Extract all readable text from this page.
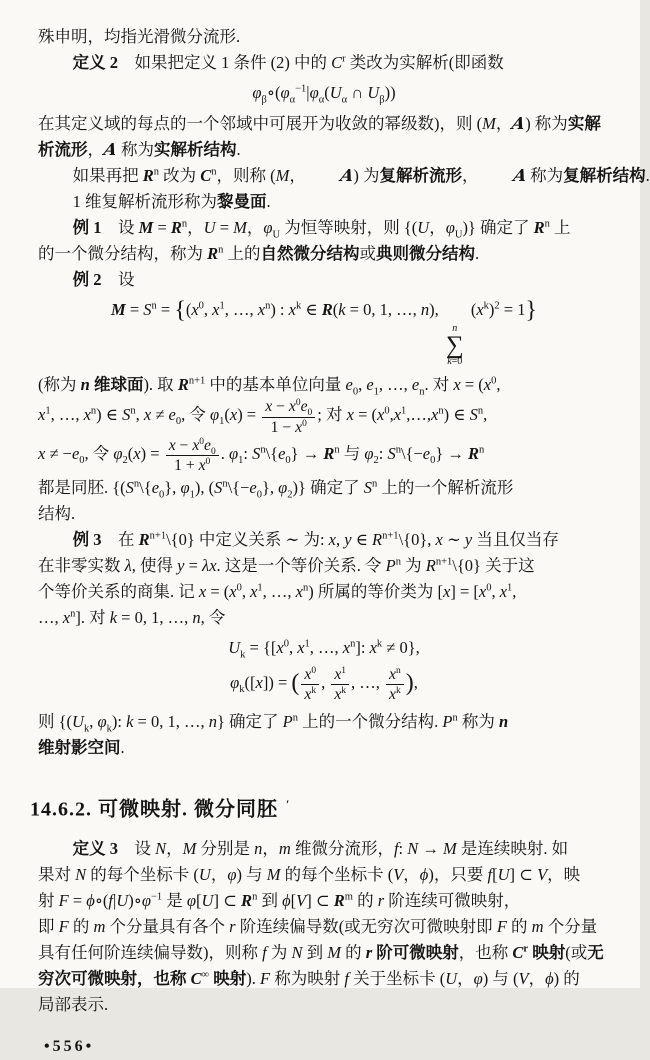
殊申明，均指光滑微分流形.
定义 2　如果把定义 1 条件 (2) 中的 $C^r$ 类改为实解析(即函数
$\varphi_\beta\circ(\varphi_\alpha^{-1}|\varphi_\alpha(U_\alpha$ ∩ $U_\beta$))
在其定义域的每点的一个邻域中可展开为收敛的幂级数)，则 (M，A) 称为实解
析流形，A 称为实解析结构.
如果再把 $R^n$ 改为 $C^n$，则称 (M， A) 为复解析流形， A 称为复解析结构.
1 维复解析流形称为黎曼面.
例 1　设 $M = R^n$，U = M，$\varphi_U$ 为恒等映射，则 {(U，$\varphi_U$)} 确定了 $R^n$ 上
的一个微分结构，称为 $R^n$ 上的自然微分结构或典则微分结构.
例 2　设
$M = S^n = \{(x^0$, $x^1$, …, $x^n$) : $x^k$ ∈ R(k = 0, 1, …, n),
n
∑
k=0
$(x^k)^2 = 1$}
(称为 n 维球面). 取 $R^{n+1}$ 中的基本单位向量 $e_0$, $e_1$, …, $e_n$. 对 $x = (x^0$,
$x^1$, …, $x^n$) ∈ $S^n$, $x \ne e_0$, 令 $\varphi_1(x) = \frac{x - x^0e_0}{1 - x^0}$ ; 对 $x = (x^0,x^1,\dots,x^n)$ ∈ $S^n$,
$x \ne -e_0$, 令 $\varphi_2(x) = \frac{x - x^0e_0}{1 + x^0}$ . $\varphi_1$: $S^n\backslash\{e_0\} \to R^n$ 与 $\varphi_2$: $S^n\backslash\{-e_0\} \to R^n$
都是同胚. {($S^n\backslash\{e_0\}$, $\varphi_1$), ($S^n\backslash\{-e_0\}$, $\varphi_2$)} 确定了 $S^n$ 上的一个解析流形
结构.
例 3　在 $R^{n+1}\backslash\{0\}$ 中定义关系 ∼ 为: x, y ∈ $R^{n+1}\backslash\{0\}$, x ∼ y 当且仅当存
在非零实数 λ, 使得 y = λx. 这是一个等价关系. 令 $P^n$ 为 $R^{n+1}\backslash\{0\}$ 关于这
个等价关系的商集. 记 $x = (x^0$, $x^1$, …, $x^n$) 所属的等价类为 $[x] = [x^0$, $x^1$,
…, $x^n$]. 对 k = 0, 1, …, n, 令
$U_k = \{[x^0$, $x^1$, …, $x^n$]: $x^k \ne 0$},
$\varphi_k([x])$ = ( $\frac{x^0}{x^k}$ , $\frac{x^1}{x^k}$ , …, $\frac{x^n}{x^k}$ ),
则 {($U_k$, $\varphi_k$): k = 0, 1, …, n} 确定了 $P^n$ 上的一个微分结构. $P^n$ 称为 n
维射影空间.
14.6.2. 可微映射. 微分同胚 ′
定义 3　设 N，M 分别是 n，m 维微分流形，f: N → M 是连续映射. 如
果对 N 的每个坐标卡 (U，φ) 与 M 的每个坐标卡 (V，ϕ)，只要 f[U] ⊂ V，映
射 $F = \phi\circ(f|U)\circ\varphi^{-1}$ 是 φ[U] ⊂ $R^n$ 到 ϕ[V] ⊂ $R^m$ 的 r 阶连续可微映射，
即 F 的 m 个分量具有各个 r 阶连续偏导数(或无穷次可微映射即 F 的 m 个分量
具有任何阶连续偏导数)，则称 f 为 N 到 M 的 r 阶可微映射，也称 $C^r$ 映射(或无
穷次可微映射，也称 C∞ 映射). F 称为映射 f 关于坐标卡 (U，φ) 与 (V，ϕ) 的
局部表示.
•556•
